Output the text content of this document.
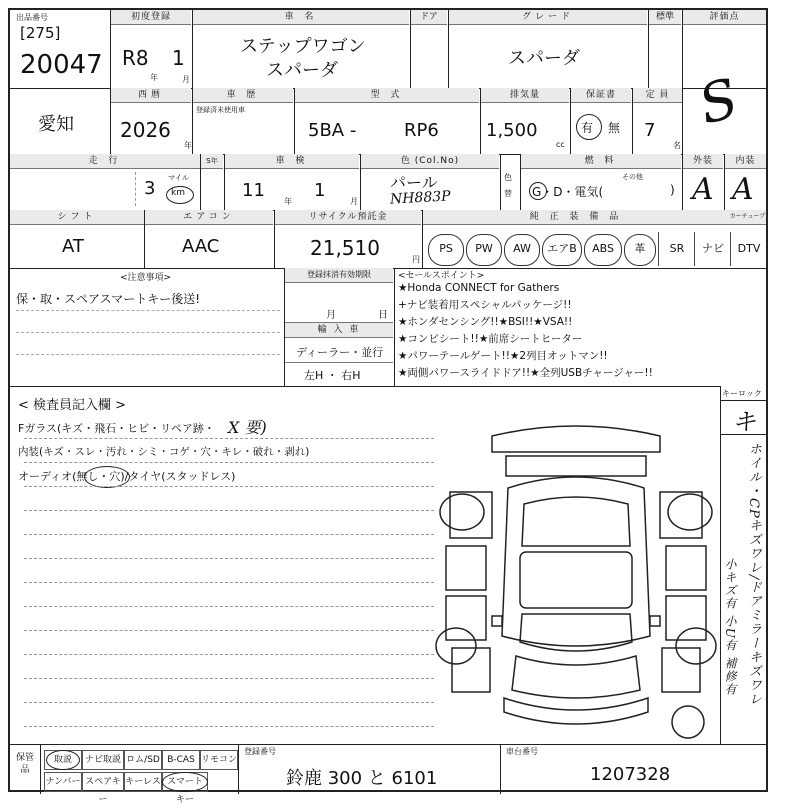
出品番号
[275]
20047
初度登録
R8 1
年	月
車 名
ステップワゴン
スパーダ
ドア	グレード
スパーダ
標準	評価点
S
愛知
西暦
2026
年
車 歴
登録済未使用車
型 式
5BA -	RP6
排気量
1,500
cc
保証書
有 無
定 員
7
名
走 行
3 マイル
km
S年	車 検
11
年
1
月
色 (Col.No)
パール
NH883P
色替
燃 料
G・D・電気(
その他
)
外装
A
内装
A
シフト
AT
エアコン
AAC
リサイクル預託金
21,510	円
純 正 装 備 品	カーチューブ
PS	PW	AW	エアB	ABS	革	SR	ナビ	DTV
<注意事項>
保・取・スペアスマートキー後送!
登録抹消有効期限
月	日
輸 入 車
ディーラー・並行
左H ・ 右H
<セールスポイント>
★Honda CONNECT for Gathers
+ナビ装着用スペシャルパッケージ!!
★ホンダセンシング!!★BSI!!★VSA!!
★コンビシート!!★前席シートヒーター
★パワーテールゲート!!★2列目オットマン!!
★両側パワースライドドア!!★全列USBチャージャー!!
キーロック
キ
ホイル・CPキズワレ/ドアミラーキズワレ
小キズ有 小U有 補修有
< 検査員記入欄 >
Fガラス(キズ・飛石・ヒビ・リペア跡・ X 要)
内装(キズ・スレ・汚れ・シミ・コゲ・穴・キレ・破れ・剥れ)
オーディオ(無し・穴)/タイヤ(スタッドレス)
保管品
取説	ナビ取説 ロム/SD B-CAS リモコン
ナンバー スペアキー
キーレス スマートキー
登録番号
鈴鹿 300 と 6101
車台番号
1207328
